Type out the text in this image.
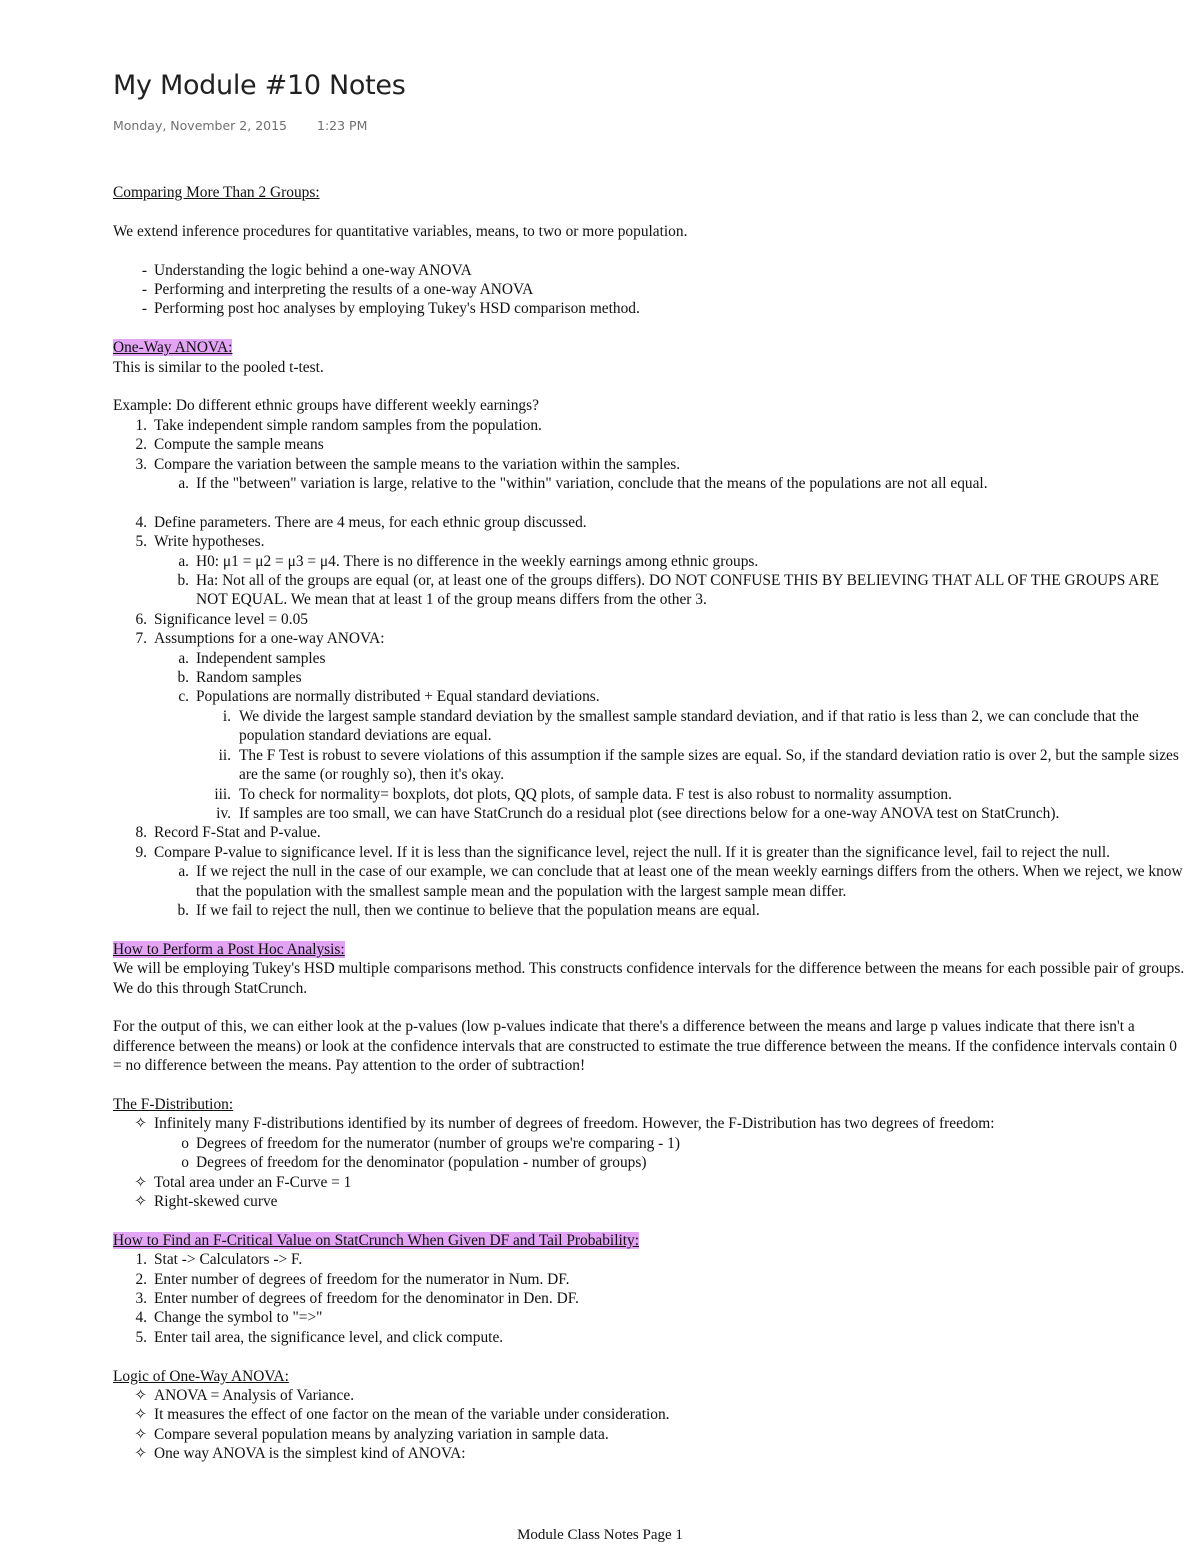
My Module #10 Notes
Monday, November 2, 2015 1:23 PM

Comparing More Than 2 Groups:

We extend inference procedures for quantitative variables, means, to two or more population.

- Understanding the logic behind a one-way ANOVA
- Performing and interpreting the results of a one-way ANOVA
- Performing post hoc analyses by employing Tukey's HSD comparison method.

One-Way ANOVA:

This is similar to the pooled t-test.

Example: Do different ethnic groups have different weekly earnings?

1. Take independent simple random samples from the population.
2. Compute the sample means
3. Compare the variation between the sample means to the variation within the samples.
a. If the "between" variation is large, relative to the "within" variation, conclude that the means of the populations are not all equal.
4. Define parameters. There are 4 meus, for each ethnic group discussed.
5. Write hypotheses.
a. H0: μ1 = μ2 = μ3 = μ4. There is no difference in the weekly earnings among ethnic groups.
b. Ha: Not all of the groups are equal (or, at least one of the groups differs). DO NOT CONFUSE THIS BY BELIEVING THAT ALL OF THE GROUPS ARE NOT EQUAL. We mean that at least 1 of the group means differs from the other 3.
6. Significance level = 0.05
7. Assumptions for a one-way ANOVA:
a. Independent samples
b. Random samples
c. Populations are normally distributed + Equal standard deviations.
i. We divide the largest sample standard deviation by the smallest sample standard deviation, and if that ratio is less than 2, we can conclude that the population standard deviations are equal.
ii. The F Test is robust to severe violations of this assumption if the sample sizes are equal. So, if the standard deviation ratio is over 2, but the sample sizes are the same (or roughly so), then it's okay.
iii. To check for normality= boxplots, dot plots, QQ plots, of sample data. F test is also robust to normality assumption.
iv. If samples are too small, we can have StatCrunch do a residual plot (see directions below for a one-way ANOVA test on StatCrunch).
8. Record F-Stat and P-value.
9. Compare P-value to significance level. If it is less than the significance level, reject the null. If it is greater than the significance level, fail to reject the null.
a. If we reject the null in the case of our example, we can conclude that at least one of the mean weekly earnings differs from the others. When we reject, we know that the population with the smallest sample mean and the population with the largest sample mean differ.
b. If we fail to reject the null, then we continue to believe that the population means are equal.

How to Perform a Post Hoc Analysis:

We will be employing Tukey's HSD multiple comparisons method. This constructs confidence intervals for the difference between the means for each possible pair of groups. We do this through StatCrunch.

For the output of this, we can either look at the p-values (low p-values indicate that there's a difference between the means and large p values indicate that there isn't a difference between the means) or look at the confidence intervals that are constructed to estimate the true difference between the means. If the confidence intervals contain 0 = no difference between the means. Pay attention to the order of subtraction!

The F-Distribution:

✧ Infinitely many F-distributions identified by its number of degrees of freedom. However, the F-Distribution has two degrees of freedom:
o Degrees of freedom for the numerator (number of groups we're comparing - 1)
o Degrees of freedom for the denominator (population - number of groups)
✧ Total area under an F-Curve = 1
✧ Right-skewed curve

How to Find an F-Critical Value on StatCrunch When Given DF and Tail Probability:

1. Stat -> Calculators -> F.
2. Enter number of degrees of freedom for the numerator in Num. DF.
3. Enter number of degrees of freedom for the denominator in Den. DF.
4. Change the symbol to "=>"
5. Enter tail area, the significance level, and click compute.

Logic of One-Way ANOVA:

✧ ANOVA = Analysis of Variance.
✧ It measures the effect of one factor on the mean of the variable under consideration.
✧ Compare several population means by analyzing variation in sample data.
✧ One way ANOVA is the simplest kind of ANOVA:
Module Class Notes Page 1
